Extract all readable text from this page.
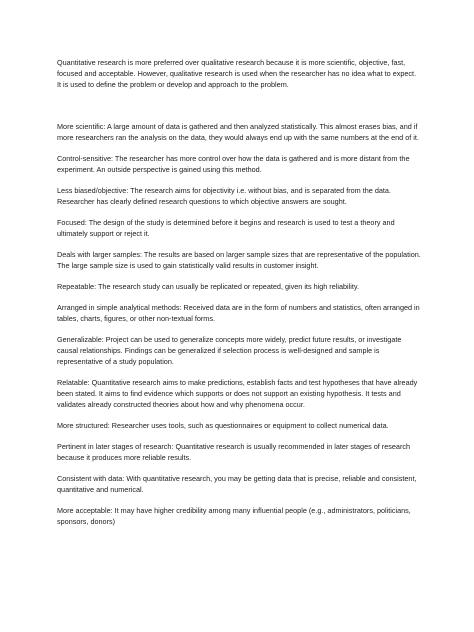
Quantitative research is more preferred over qualitative research because it is more scientific, objective, fast, focused and acceptable. However, qualitative research is used when the researcher has no idea what to expect. It is used to define the problem or develop and approach to the problem.

More scientific: A large amount of data is gathered and then analyzed statistically. This almost erases bias, and if more researchers ran the analysis on the data, they would always end up with the same numbers at the end of it.

Control-sensitive: The researcher has more control over how the data is gathered and is more distant from the experiment. An outside perspective is gained using this method.

Less biased/objective: The research aims for objectivity i.e. without bias, and is separated from the data. Researcher has clearly defined research questions to which objective answers are sought.

Focused: The design of the study is determined before it begins and research is used to test a theory and ultimately support or reject it.

Deals with larger samples: The results are based on larger sample sizes that are representative of the population. The large sample size is used to gain statistically valid results in customer insight.

Repeatable: The research study can usually be replicated or repeated, given its high reliability.

Arranged in simple analytical methods: Received data are in the form of numbers and statistics, often arranged in tables, charts, figures, or other non-textual forms.

Generalizable: Project can be used to generalize concepts more widely, predict future results, or investigate causal relationships. Findings can be generalized if selection process is well-designed and sample is representative of a study population.

Relatable: Quantitative research aims to make predictions, establish facts and test hypotheses that have already been stated. It aims to find evidence which supports or does not support an existing hypothesis. It tests and validates already constructed theories about how and why phenomena occur.

More structured: Researcher uses tools, such as questionnaires or equipment to collect numerical data.

Pertinent in later stages of research: Quantitative research is usually recommended in later stages of research because it produces more reliable results.

Consistent with data: With quantitative research, you may be getting data that is precise, reliable and consistent, quantitative and numerical.

More acceptable: It may have higher credibility among many influential people (e.g., administrators, politicians, sponsors, donors)
